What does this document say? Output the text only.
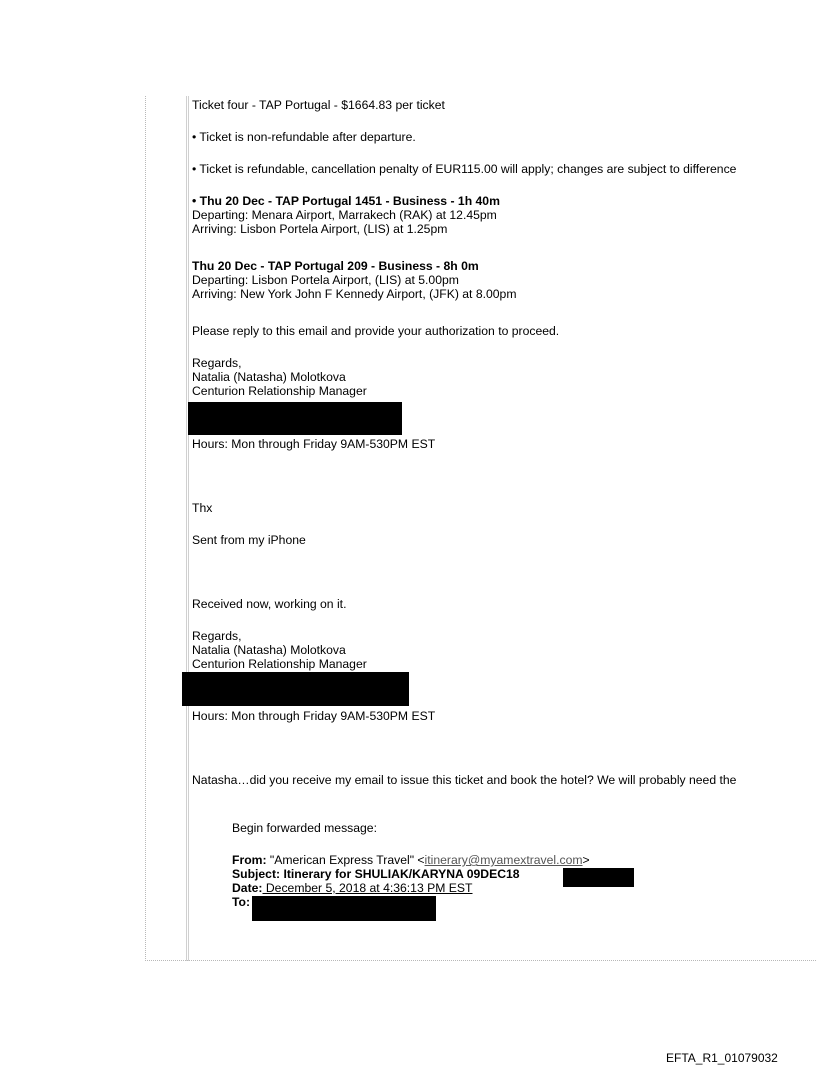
Ticket four - TAP Portugal - $1664.83 per ticket
• Ticket is non-refundable after departure.
• Ticket is refundable, cancellation penalty of EUR115.00 will apply; changes are subject to difference
• Thu 20 Dec - TAP Portugal 1451 - Business - 1h 40m
Departing: Menara Airport, Marrakech (RAK) at 12.45pm
Arriving: Lisbon Portela Airport, (LIS) at 1.25pm
Thu 20 Dec - TAP Portugal 209 - Business - 8h 0m
Departing: Lisbon Portela Airport, (LIS) at 5.00pm
Arriving: New York John F Kennedy Airport, (JFK) at 8.00pm
Please reply to this email and provide your authorization to proceed.
Regards,
Natalia (Natasha) Molotkova
Centurion Relationship Manager
Hours: Mon through Friday 9AM-530PM EST
Thx
Sent from my iPhone
Received now, working on it.
Regards,
Natalia (Natasha) Molotkova
Centurion Relationship Manager
Hours: Mon through Friday 9AM-530PM EST
Natasha…did you receive my email to issue this ticket and book the hotel? We will probably need the
Begin forwarded message:
From: "American Express Travel" <itinerary@myamextravel.com>
Subject: Itinerary for SHULIAK/KARYNA 09DEC18
Date: December 5, 2018 at 4:36:13 PM EST
To:
EFTA_R1_01079032
